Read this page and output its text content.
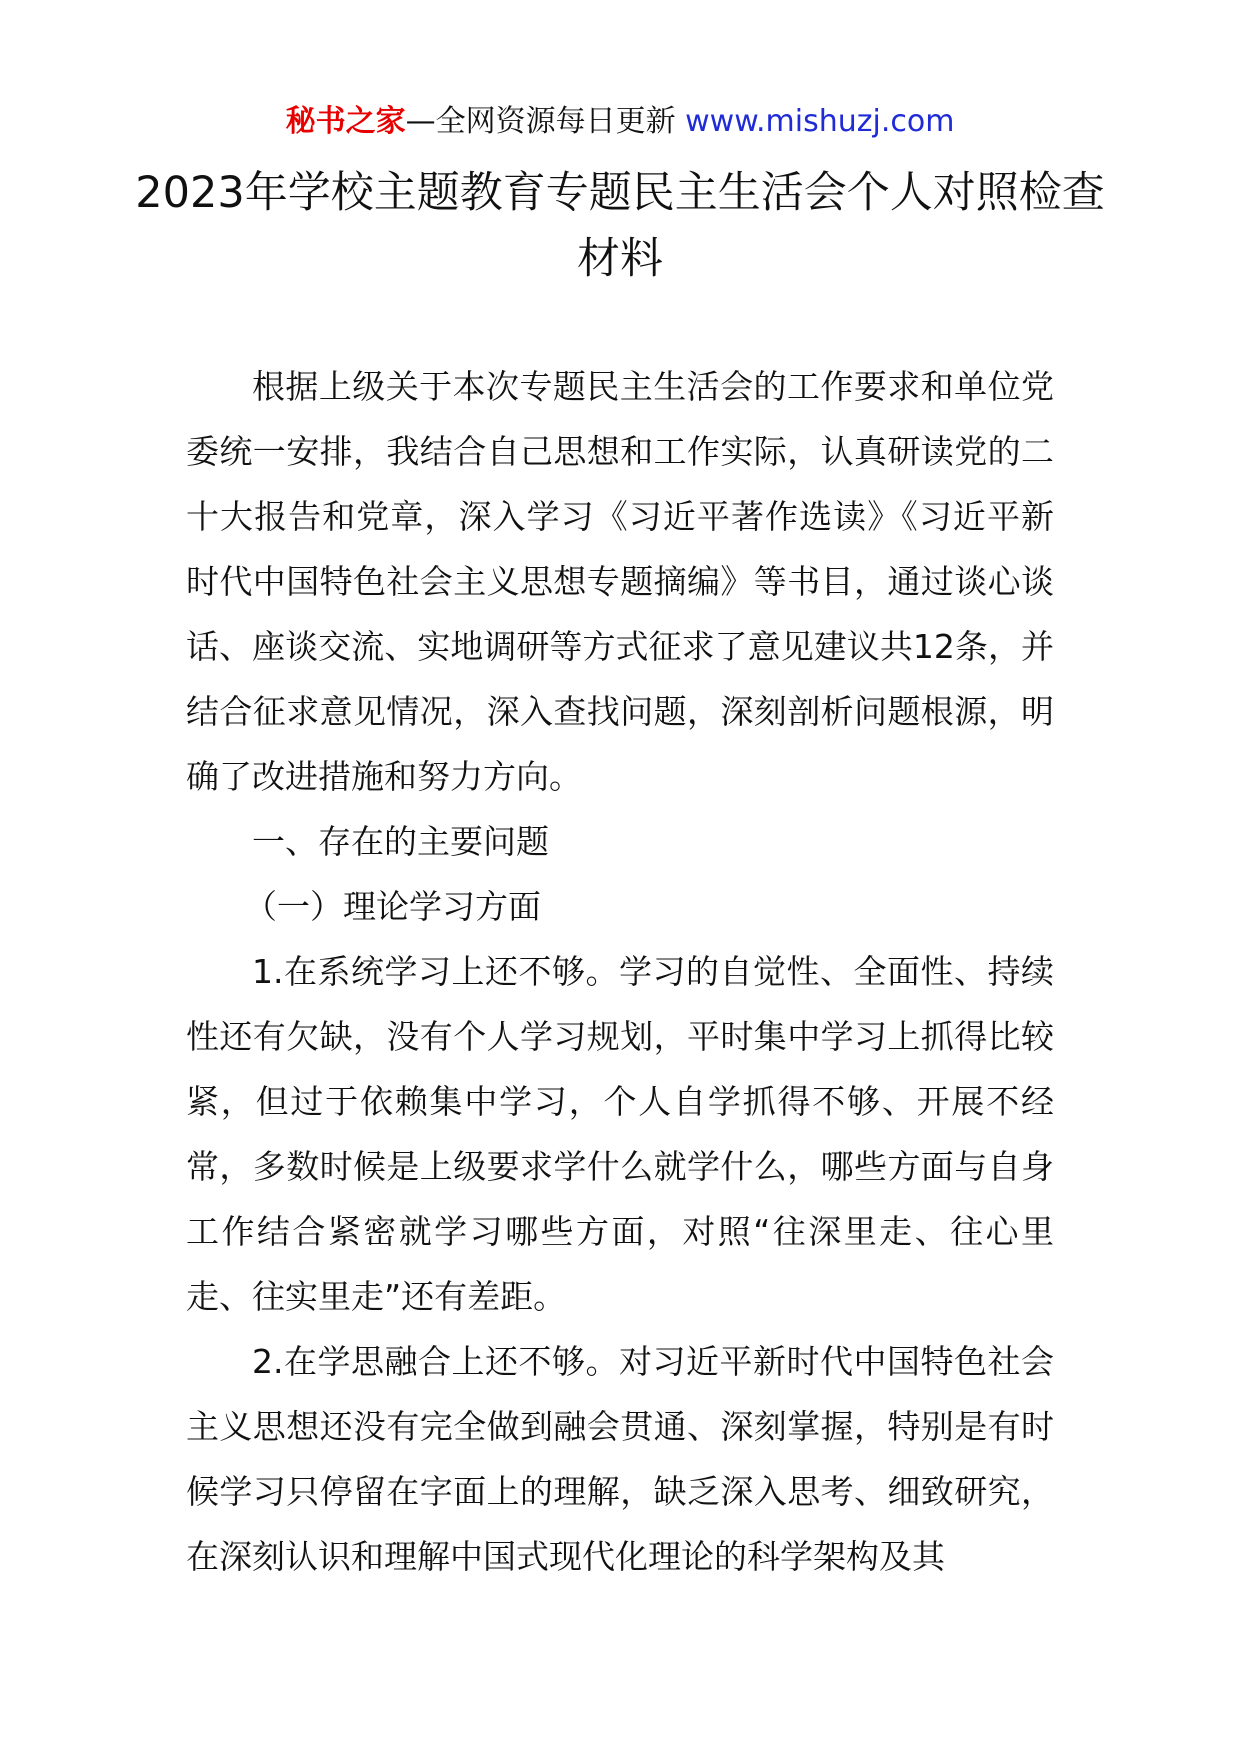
秘书之家—全网资源每日更新 www.mishuzj.com
2023年学校主题教育专题民主生活会个人对照检查材料

根据上级关于本次专题民主生活会的工作要求和单位党委统一安排，我结合自己思想和工作实际，认真研读党的二十大报告和党章，深入学习《习近平著作选读》《习近平新时代中国特色社会主义思想专题摘编》等书目，通过谈心谈话、座谈交流、实地调研等方式征求了意见建议共12条，并结合征求意见情况，深入查找问题，深刻剖析问题根源，明确了改进措施和努力方向。

一、存在的主要问题

（一）理论学习方面

1.在系统学习上还不够。学习的自觉性、全面性、持续性还有欠缺，没有个人学习规划，平时集中学习上抓得比较紧，但过于依赖集中学习，个人自学抓得不够、开展不经常，多数时候是上级要求学什么就学什么，哪些方面与自身工作结合紧密就学习哪些方面，对照“往深里走、往心里走、往实里走”还有差距。

2.在学思融合上还不够。对习近平新时代中国特色社会主义思想还没有完全做到融会贯通、深刻掌握，特别是有时候学习只停留在字面上的理解，缺乏深入思考、细致研究，在深刻认识和理解中国式现代化理论的科学架构及其
